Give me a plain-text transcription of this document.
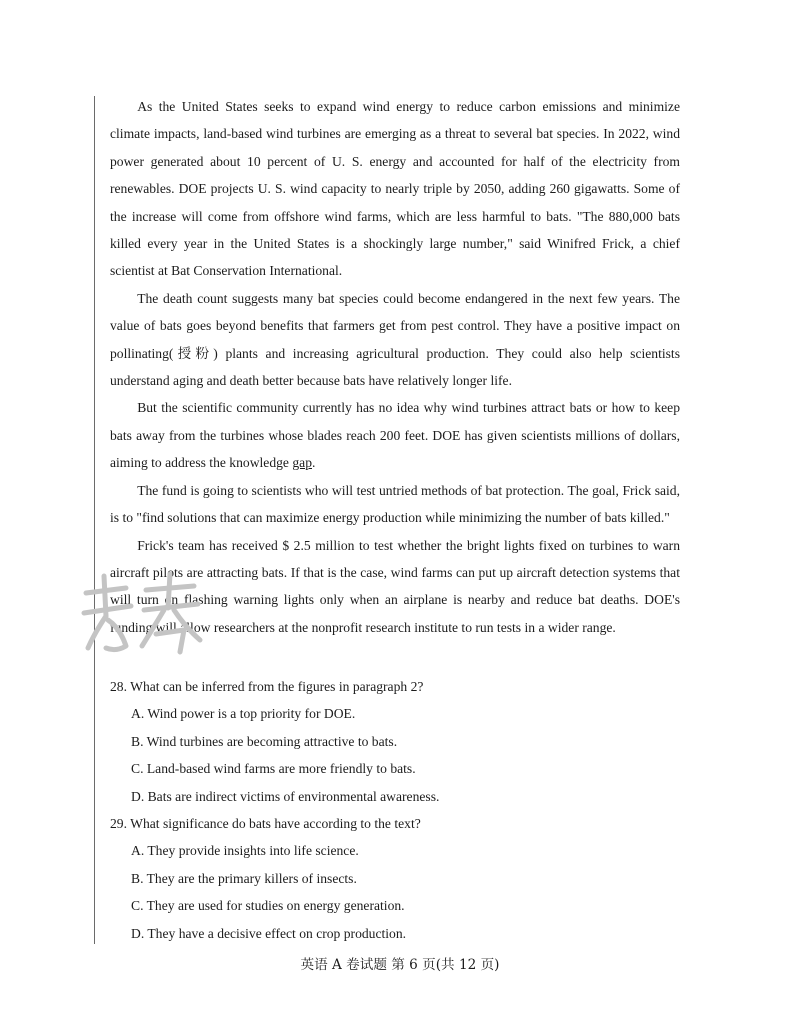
As the United States seeks to expand wind energy to reduce carbon emissions and minimize climate impacts, land-based wind turbines are emerging as a threat to several bat species. In 2022, wind power generated about 10 percent of U. S. energy and accounted for half of the electricity from renewables. DOE projects U. S. wind capacity to nearly triple by 2050, adding 260 gigawatts. Some of the increase will come from offshore wind farms, which are less harmful to bats. "The 880,000 bats killed every year in the United States is a shockingly large number," said Winifred Frick, a chief scientist at Bat Conservation International.

The death count suggests many bat species could become endangered in the next few years. The value of bats goes beyond benefits that farmers get from pest control. They have a positive impact on pollinating(授粉) plants and increasing agricultural production. They could also help scientists understand aging and death better because bats have relatively longer life.

But the scientific community currently has no idea why wind turbines attract bats or how to keep bats away from the turbines whose blades reach 200 feet. DOE has given scientists millions of dollars, aiming to address the knowledge gap.

The fund is going to scientists who will test untried methods of bat protection. The goal, Frick said, is to "find solutions that can maximize energy production while minimizing the number of bats killed."

Frick's team has received $ 2.5 million to test whether the bright lights fixed on turbines to warn aircraft pilots are attracting bats. If that is the case, wind farms can put up aircraft detection systems that will turn on flashing warning lights only when an airplane is nearby and reduce bat deaths. DOE's funding will allow researchers at the nonprofit research institute to run tests in a wider range.

28. What can be inferred from the figures in paragraph 2?

A. Wind power is a top priority for DOE.

B. Wind turbines are becoming attractive to bats.

C. Land-based wind farms are more friendly to bats.

D. Bats are indirect victims of environmental awareness.

29. What significance do bats have according to the text?

A. They provide insights into life science.

B. They are the primary killers of insects.

C. They are used for studies on energy generation.

D. They have a decisive effect on crop production.

英语 A 卷试题 第 6 页(共 12 页)
